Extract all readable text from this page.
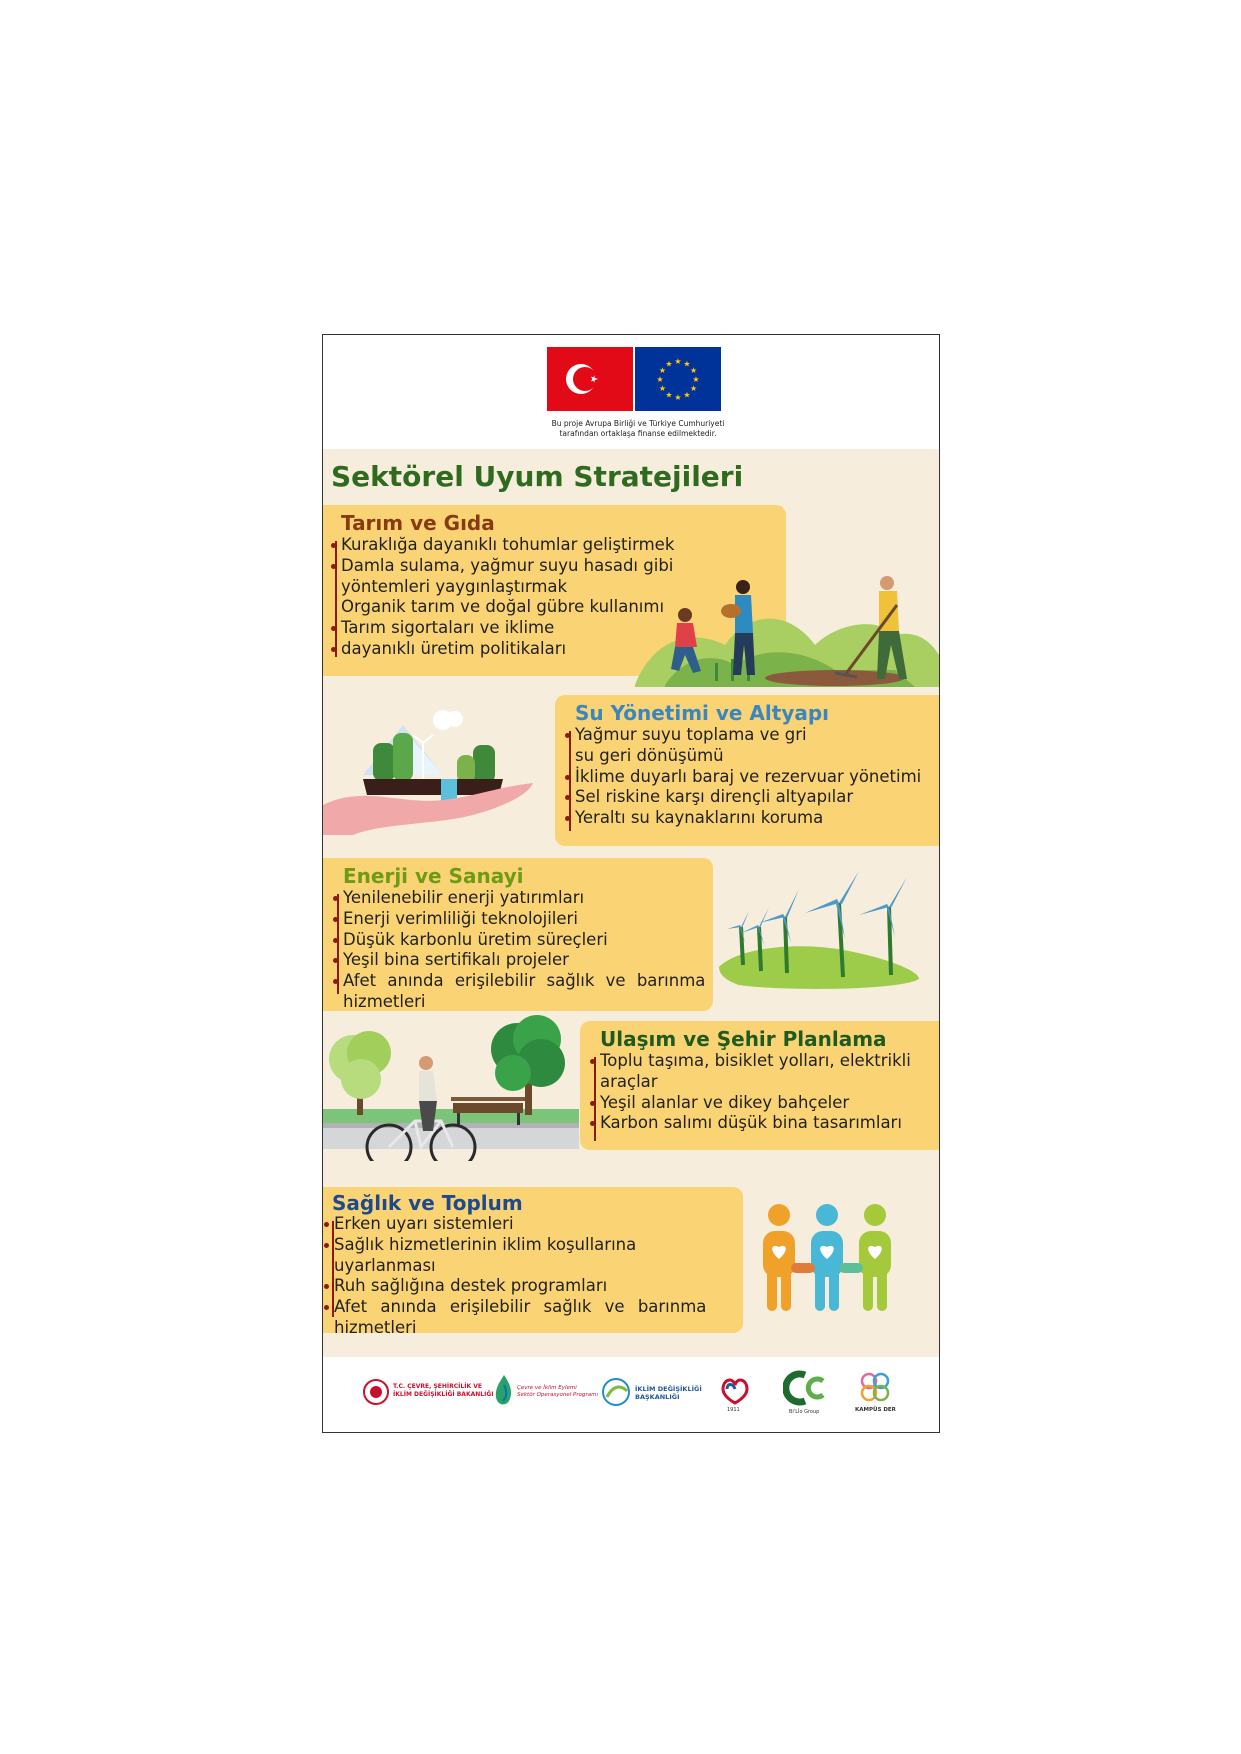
★
★
★
★
★
★
★
★
★ ★ ★
★
Bu proje Avrupa Birliği ve Türkiye Cumhuriyeti
tarafından ortaklaşa finanse edilmektedir.
Sektörel Uyum Stratejileri
Tarım ve Gıda
Kuraklığa dayanıklı tohumlar geliştirmek
Damla sulama, yağmur suyu hasadı gibi
yöntemleri yaygınlaştırmak
Organik tarım ve doğal gübre kullanımı
Tarım sigortaları ve iklime
dayanıklı üretim politikaları
Su Yönetimi ve Altyapı
Yağmur suyu toplama ve gri
su geri dönüşümü
İklime duyarlı baraj ve rezervuar yönetimi
Sel riskine karşı dirençli altyapılar
Yeraltı su kaynaklarını koruma
Enerji ve Sanayi
Yenilenebilir enerji yatırımları
Enerji verimliliği teknolojileri
Düşük karbonlu üretim süreçleri
Yeşil bina sertifikalı projeler
Afet anında erişilebilir sağlık ve barınma
hizmetleri
Ulaşım ve Şehir Planlama
Toplu taşıma, bisiklet yolları, elektrikli
araçlar
Yeşil alanlar ve dikey bahçeler
Karbon salımı düşük bina tasarımları
Sağlık ve Toplum
Erken uyarı sistemleri
Sağlık hizmetlerinin iklim koşullarına
uyarlanması
Ruh sağlığına destek programları
Afet anında erişilebilir sağlık ve barınma
hizmetleri
T.C. ÇEVRE, ŞEHİRCİLİK VE
İKLİM DEĞİŞİKLİĞİ BAKANLIĞI
Çevre ve İklim Eylemi
Sektör Operasyonel Programı
İKLİM DEĞİŞİKLİĞİ
BAŞKANLIĞI
1911	Bi'Lİo Group	KAMPÜS DER
